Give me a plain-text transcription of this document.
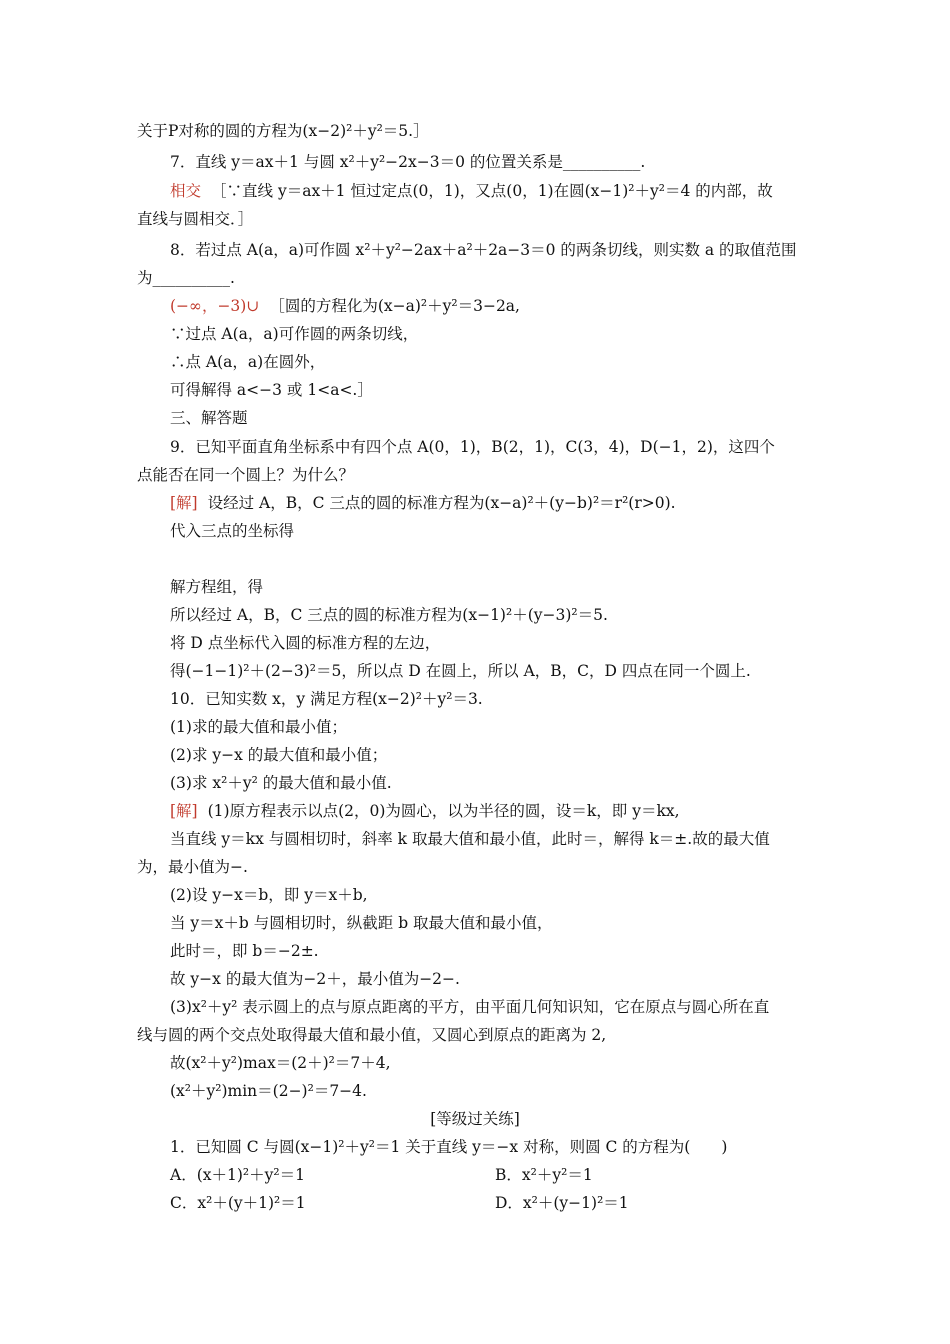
关于P对称的圆的方程为(x−2)²＋y²＝5.］
7．直线 y＝ax＋1 与圆 x²＋y²−2x−3＝0 的位置关系是__________.
相交 ［∵直线 y＝ax＋1 恒过定点(0，1)，又点(0，1)在圆(x−1)²＋y²＝4 的内部，故
直线与圆相交．］
8．若过点 A(a，a)可作圆 x²＋y²−2ax＋a²＋2a−3＝0 的两条切线，则实数 a 的取值范围
为__________.
(−∞，−3)∪ ［圆的方程化为(x−a)²＋y²＝3−2a,
∵过点 A(a，a)可作圆的两条切线，
∴点 A(a，a)在圆外，
可得解得 a<−3 或 1<a<.］
三、解答题
9．已知平面直角坐标系中有四个点 A(0，1)，B(2，1)，C(3，4)，D(−1，2)，这四个
点能否在同一个圆上？为什么？
[解] 设经过 A，B，C 三点的圆的标准方程为(x−a)²＋(y−b)²＝r²(r>0).
代入三点的坐标得
解方程组，得
所以经过 A，B，C 三点的圆的标准方程为(x−1)²＋(y−3)²＝5.
将 D 点坐标代入圆的标准方程的左边，
得(−1−1)²＋(2−3)²＝5，所以点 D 在圆上，所以 A，B，C，D 四点在同一个圆上.
10．已知实数 x，y 满足方程(x−2)²＋y²＝3.
(1)求的最大值和最小值；
(2)求 y−x 的最大值和最小值；
(3)求 x²＋y² 的最大值和最小值.
[解] (1)原方程表示以点(2，0)为圆心，以为半径的圆，设＝k，即 y＝kx,
当直线 y＝kx 与圆相切时，斜率 k 取最大值和最小值，此时＝，解得 k＝±.故的最大值
为，最小值为−.
(2)设 y−x＝b，即 y＝x＋b,
当 y＝x＋b 与圆相切时，纵截距 b 取最大值和最小值，
此时＝，即 b＝−2±.
故 y−x 的最大值为−2＋，最小值为−2−.
(3)x²＋y² 表示圆上的点与原点距离的平方，由平面几何知识知，它在原点与圆心所在直
线与圆的两个交点处取得最大值和最小值，又圆心到原点的距离为 2,
故(x²＋y²)max＝(2＋)²＝7＋4,
(x²＋y²)min＝(2−)²＝7−4.
1．已知圆 C 与圆(x−1)²＋y²＝1 关于直线 y＝−x 对称，则圆 C 的方程为(　　)
[等级过关练]
A．(x＋1)²＋y²＝1	B．x²＋y²＝1
C．x²＋(y＋1)²＝1	D．x²＋(y−1)²＝1
